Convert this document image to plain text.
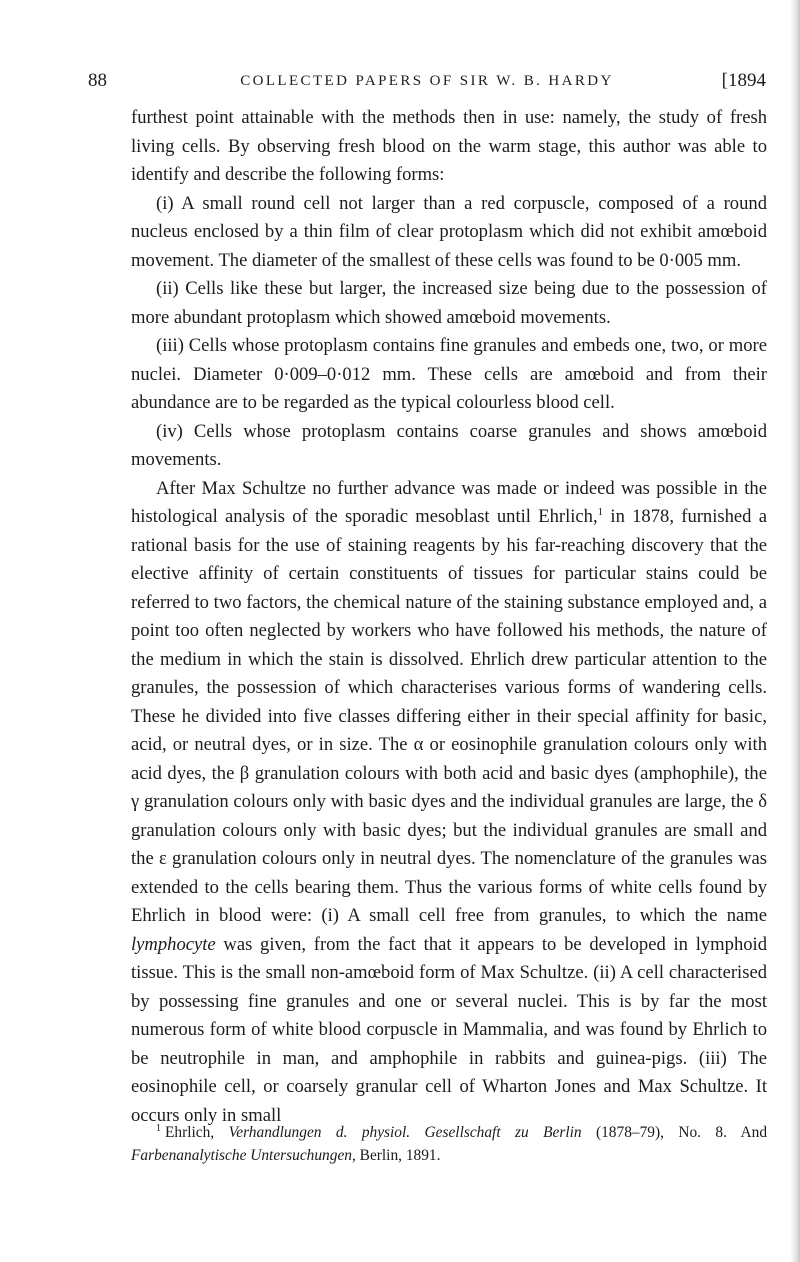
88	COLLECTED PAPERS OF SIR W. B. HARDY	[1894

furthest point attainable with the methods then in use: namely, the study of fresh living cells. By observing fresh blood on the warm stage, this author was able to identify and describe the following forms:

(i) A small round cell not larger than a red corpuscle, composed of a round nucleus enclosed by a thin film of clear protoplasm which did not exhibit amœboid movement. The diameter of the smallest of these cells was found to be 0·005 mm.

(ii) Cells like these but larger, the increased size being due to the possession of more abundant protoplasm which showed amœboid movements.

(iii) Cells whose protoplasm contains fine granules and embeds one, two, or more nuclei. Diameter 0·009–0·012 mm. These cells are amœboid and from their abundance are to be regarded as the typical colourless blood cell.

(iv) Cells whose protoplasm contains coarse granules and shows amœboid movements.

After Max Schultze no further advance was made or indeed was possible in the histological analysis of the sporadic mesoblast until Ehrlich,$^1$ in 1878, furnished a rational basis for the use of staining reagents by his far-reaching discovery that the elective affinity of certain constituents of tissues for particular stains could be referred to two factors, the chemical nature of the staining substance employed and, a point too often neglected by workers who have followed his methods, the nature of the medium in which the stain is dissolved. Ehrlich drew particular attention to the granules, the possession of which characterises various forms of wandering cells. These he divided into five classes differing either in their special affinity for basic, acid, or neutral dyes, or in size. The α or eosinophile granulation colours only with acid dyes, the β granulation colours with both acid and basic dyes (amphophile), the γ granulation colours only with basic dyes and the individual granules are large, the δ granulation colours only with basic dyes; but the individual granules are small and the ε granulation colours only in neutral dyes. The nomenclature of the granules was extended to the cells bearing them. Thus the various forms of white cells found by Ehrlich in blood were: (i) A small cell free from granules, to which the name lymphocyte was given, from the fact that it appears to be developed in lymphoid tissue. This is the small non-amœboid form of Max Schultze. (ii) A cell characterised by possessing fine granules and one or several nuclei. This is by far the most numerous form of white blood corpuscle in Mammalia, and was found by Ehrlich to be neutrophile in man, and amphophile in rabbits and guinea-pigs. (iii) The eosinophile cell, or coarsely granular cell of Wharton Jones and Max Schultze. It occurs only in small

$^1$ Ehrlich, Verhandlungen d. physiol. Gesellschaft zu Berlin (1878–79), No. 8. And Farbenanalytische Untersuchungen, Berlin, 1891.
